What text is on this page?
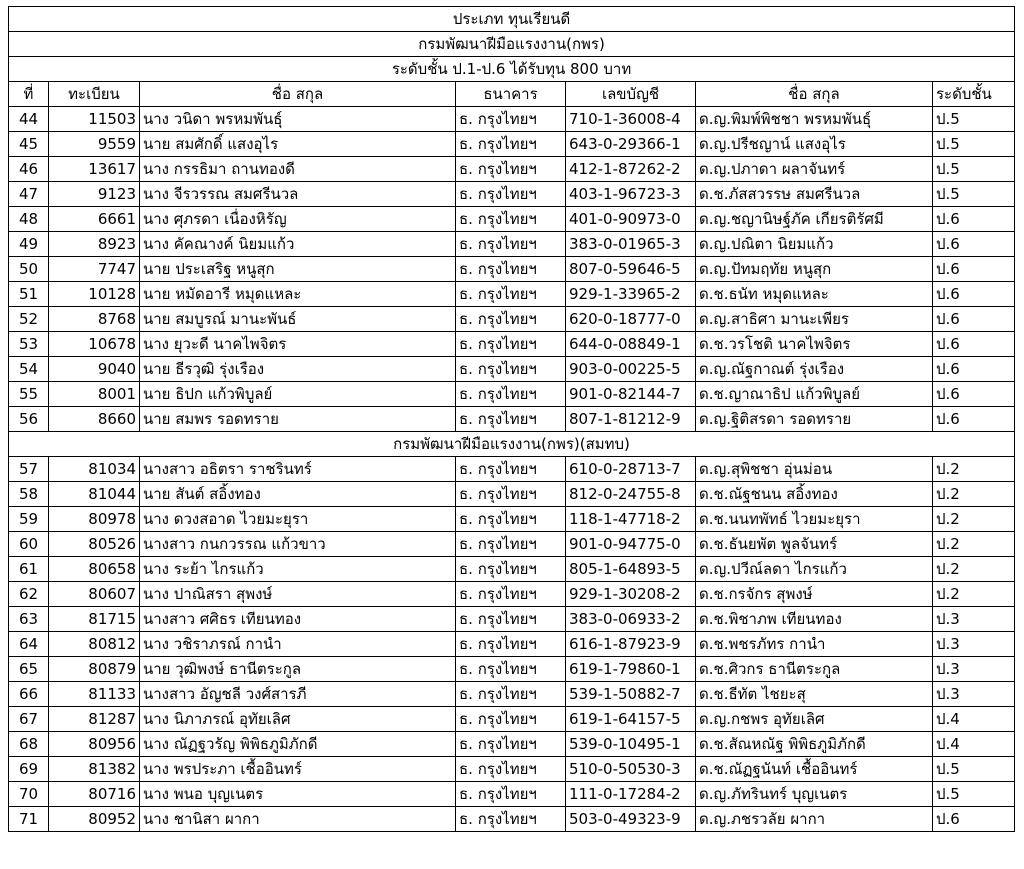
ประเภท ทุนเรียนดี						
กรมพัฒนาฝีมือแรงงาน(กพร)						
ระดับชั้น ป.1-ป.6 ได้รับทุน 800 บาท						
ที่	ทะเบียน	ชื่อ สกุล	ธนาคาร	เลขบัญชี	ชื่อ สกุล	ระดับชั้น
44	11503	นาง วนิดา พรหมพันธุ์	ธ. กรุงไทยฯ	710-1-36008-4	ด.ญ.พิมพ์พิชชา พรหมพันธุ์	ป.5
45	9559	นาย สมศักดิ์ แสงอุไร	ธ. กรุงไทยฯ	643-0-29366-1	ด.ญ.ปรีชญาน์ แสงอุไร	ป.5
46	13617	นาง กรรธิมา ถานทองดี	ธ. กรุงไทยฯ	412-1-87262-2	ด.ญ.ปภาดา ผลาจันทร์	ป.5
47	9123	นาง จีรวรรณ สมศรีนวล	ธ. กรุงไทยฯ	403-1-96723-3	ด.ช.ภัสสวรรษ สมศรีนวล	ป.5
48	6661	นาง ศุภรดา เนื่องหิรัญ	ธ. กรุงไทยฯ	401-0-90973-0	ด.ญ.ชญานิษฐ์ภัค เกียรติรัศมี	ป.6
49	8923	นาง คัคณางค์ นิยมแก้ว	ธ. กรุงไทยฯ	383-0-01965-3	ด.ญ.ปณิตา นิยมแก้ว	ป.6
50	7747	นาย ประเสริฐ หนูสุก	ธ. กรุงไทยฯ	807-0-59646-5	ด.ญ.ปัทมฤทัย หนูสุก	ป.6
51	10128	นาย หมัดอารี หมุดแหละ	ธ. กรุงไทยฯ	929-1-33965-2	ด.ช.ธนัท หมุดแหละ	ป.6
52	8768	นาย สมบูรณ์ มานะพันธ์	ธ. กรุงไทยฯ	620-0-18777-0	ด.ญ.สาธิศา มานะเพียร	ป.6
53	10678	นาง ยุวะดี นาคไพจิตร	ธ. กรุงไทยฯ	644-0-08849-1	ด.ช.วรโชติ นาคไพจิตร	ป.6
54	9040	นาย ธีรวุฒิ รุ่งเรือง	ธ. กรุงไทยฯ	903-0-00225-5	ด.ญ.ณัฐกาณต์ รุ่งเรือง	ป.6
55	8001	นาย ธิปก แก้วพิบูลย์	ธ. กรุงไทยฯ	901-0-82144-7	ด.ช.ญาณาธิป แก้วพิบูลย์	ป.6
56	8660	นาย สมพร รอดทราย	ธ. กรุงไทยฯ	807-1-81212-9	ด.ญ.ฐิติสรดา รอดทราย	ป.6
กรมพัฒนาฝีมือแรงงาน(กพร)(สมทบ)						
57	81034	นางสาว อธิตรา ราชรินทร์	ธ. กรุงไทยฯ	610-0-28713-7	ด.ญ.สุพิชชา อุ่นม่อน	ป.2
58	81044	นาย สันต์ สอิ้งทอง	ธ. กรุงไทยฯ	812-0-24755-8	ด.ช.ณัฐชนน สอิ้งทอง	ป.2
59	80978	นาง ดวงสอาด ไวยมะยุรา	ธ. กรุงไทยฯ	118-1-47718-2	ด.ช.นนทพัทธ์ ไวยมะยุรา	ป.2
60	80526	นางสาว กนกวรรณ แก้วขาว	ธ. กรุงไทยฯ	901-0-94775-0	ด.ช.ธันยพัต พูลจันทร์	ป.2
61	80658	นาง ระย้า ไกรแก้ว	ธ. กรุงไทยฯ	805-1-64893-5	ด.ญ.ปวีณ์ลดา ไกรแก้ว	ป.2
62	80607	นาง ปาณิสรา สุพงษ์	ธ. กรุงไทยฯ	929-1-30208-2	ด.ช.กรจักร สุพงษ์	ป.2
63	81715	นางสาว ศศิธร เทียนทอง	ธ. กรุงไทยฯ	383-0-06933-2	ด.ช.พิชาภพ เทียนทอง	ป.3
64	80812	นาง วชิราภรณ์ กานำ	ธ. กรุงไทยฯ	616-1-87923-9	ด.ช.พชรภัทร กานำ	ป.3
65	80879	นาย วุฒิพงษ์ ธานีตระกูล	ธ. กรุงไทยฯ	619-1-79860-1	ด.ช.ศิวกร ธานีตระกูล	ป.3
66	81133	นางสาว อัญชลี วงศ์สารภี	ธ. กรุงไทยฯ	539-1-50882-7	ด.ช.ธีทัต ไชยะสุ	ป.3
67	81287	นาง นิภาภรณ์ อุทัยเลิศ	ธ. กรุงไทยฯ	619-1-64157-5	ด.ญ.กชพร อุทัยเลิศ	ป.4
68	80956	นาง ณัฏฐวรัญ พิพิธภูมิภักดี	ธ. กรุงไทยฯ	539-0-10495-1	ด.ช.สัณหณัฐ พิพิธภูมิภักดี	ป.4
69	81382	นาง พรประภา เชื้ออินทร์	ธ. กรุงไทยฯ	510-0-50530-3	ด.ช.ณัฏฐนันท์ เชื้ออินทร์	ป.5
70	80716	นาง พนอ บุญเนตร	ธ. กรุงไทยฯ	111-0-17284-2	ด.ญ.ภัทรินทร์ บุญเนตร	ป.5
71	80952	นาง ชานิสา ผากา	ธ. กรุงไทยฯ	503-0-49323-9	ด.ญ.ภชรวลัย ผากา	ป.6
